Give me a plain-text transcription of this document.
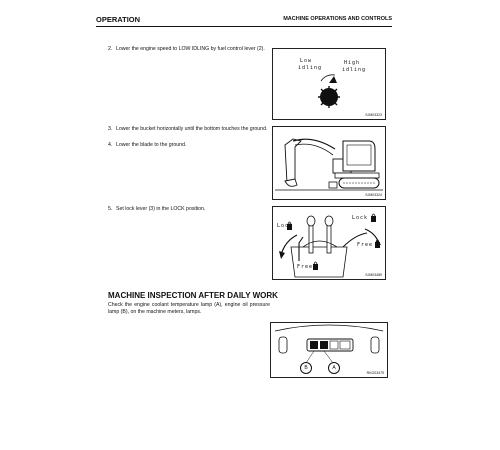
OPERATION	MACHINE OPERATIONS AND CONTROLS
2. Lower the engine speed to LOW IDLING by fuel control lever (2).
Low
idling
High
idling
SJM03323
3. Lower the bucket horizontally until the bottom touches the ground.
4. Lower the blade to the ground.
SJM03324
5. Set lock lever (3) in the LOCK position.
Lock
Lock
Free
Free
SJM03489
MACHINE INSPECTION AFTER DAILY WORK
Check the engine coolant temperature lamp (A), engine oil pressure lamp (B), on the machine meters, lamps.
B	A
RKG03479
